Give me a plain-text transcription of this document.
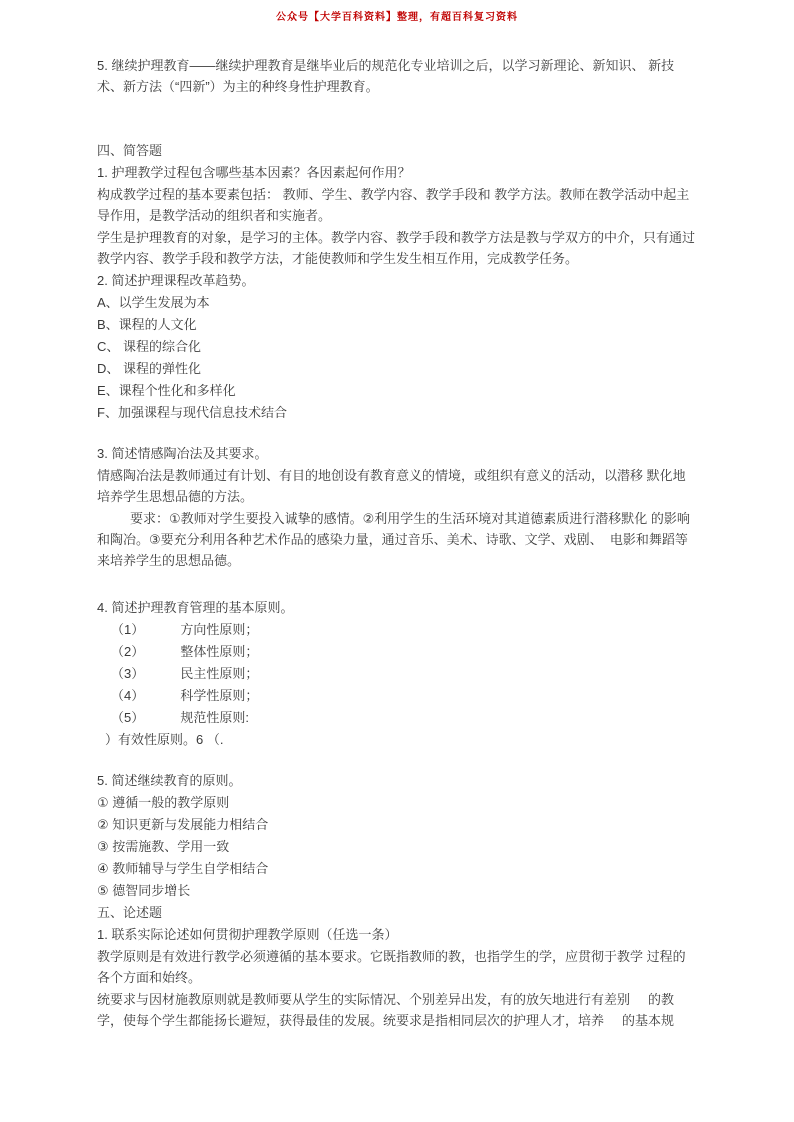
公众号【大学百科资料】整理，有超百科复习资料

5. 继续护理教育——继续护理教育是继毕业后的规范化专业培训之后，以学习新理论、新知识、 新技术、新方法（“四新”）为主的种终身性护理教育。

四、简答题

1. 护理教学过程包含哪些基本因素？各因素起何作用？

构成教学过程的基本要素包括： 教师、学生、教学内容、教学手段和 教学方法。教师在教学活动中起主导作用，是教学活动的组织者和实施者。

学生是护理教育的对象，是学习的主体。教学内容、教学手段和教学方法是教与学双方的中介，只有通过教学内容、教学手段和教学方法，才能使教师和学生发生相互作用，完成教学任务。

2. 简述护理课程改革趋势。

A、以学生发展为本

B、课程的人文化

C、 课程的综合化

D、 课程的弹性化

E、课程个性化和多样化

F、加强课程与现代信息技术结合

3. 简述情感陶冶法及其要求。

情感陶冶法是教师通过有计划、有目的地创设有教育意义的情境，或组织有意义的活动，以潜移 默化地培养学生思想品德的方法。

要求：①教师对学生要投入诚挚的感情。②利用学生的生活环境对其道德素质进行潜移默化 的影响和陶冶。③要充分利用各种艺术作品的感染力量，通过音乐、美术、诗歌、文学、戏剧、  电影和舞蹈等来培养学生的思想品德。

4. 简述护理教育管理的基本原则。

（1）          方向性原则；

（2）          整体性原则；

（3）          民主性原则；

（4）          科学性原则；

（5）          规范性原则:

）有效性原则。6 （.

5. 简述继续教育的原则。

① 遵循一般的教学原则

② 知识更新与发展能力相结合

③ 按需施教、学用一致

④ 教师辅导与学生自学相结合

⑤ 德智同步增长

五、论述题

1. 联系实际论述如何贯彻护理教学原则（任选一条）

教学原则是有效进行教学必须遵循的基本要求。它既指教师的教，也指学生的学，应贯彻于教学 过程的各个方面和始终。

统要求与因材施教原则就是教师要从学生的实际情况、个别差异出发，有的放矢地进行有差别     的教学，使每个学生都能扬长避短，获得最佳的发展。统要求是指相同层次的护理人才，培养     的基本规
